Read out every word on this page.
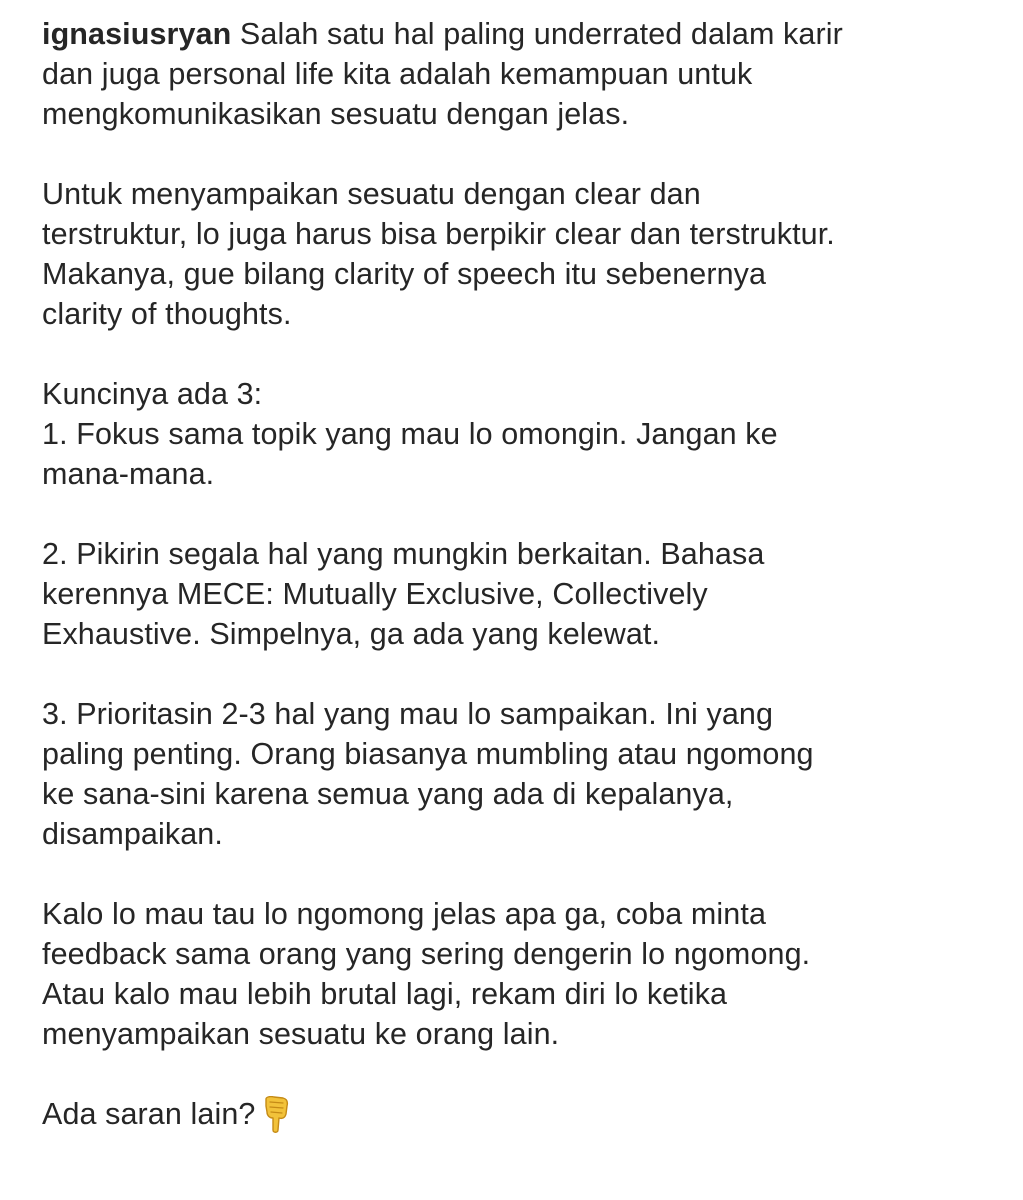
ignasiusryan Salah satu hal paling underrated dalam karir

dan juga personal life kita adalah kemampuan untuk

mengkomunikasikan sesuatu dengan jelas.

Untuk menyampaikan sesuatu dengan clear dan

terstruktur, lo juga harus bisa berpikir clear dan terstruktur.

Makanya, gue bilang clarity of speech itu sebenernya

clarity of thoughts.

Kuncinya ada 3:

1. Fokus sama topik yang mau lo omongin. Jangan ke

mana-mana.

2. Pikirin segala hal yang mungkin berkaitan. Bahasa

kerennya MECE: Mutually Exclusive, Collectively

Exhaustive. Simpelnya, ga ada yang kelewat.

3. Prioritasin 2-3 hal yang mau lo sampaikan. Ini yang

paling penting. Orang biasanya mumbling atau ngomong

ke sana-sini karena semua yang ada di kepalanya,

disampaikan.

Kalo lo mau tau lo ngomong jelas apa ga, coba minta

feedback sama orang yang sering dengerin lo ngomong.

Atau kalo mau lebih brutal lagi, rekam diri lo ketika

menyampaikan sesuatu ke orang lain.

Ada saran lain?
